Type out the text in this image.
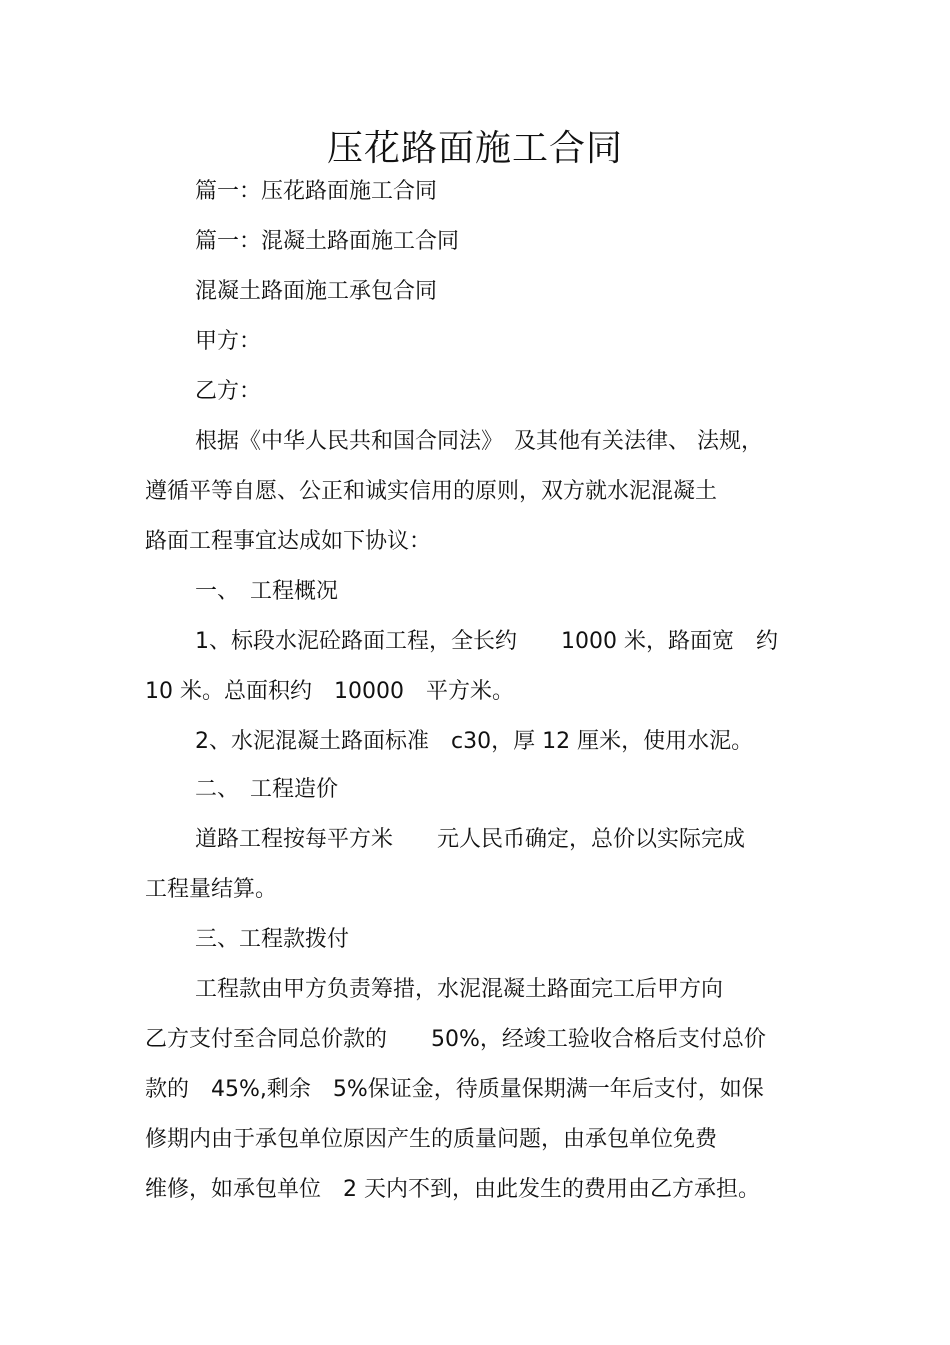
压花路面施工合同
篇一：压花路面施工合同
篇一：混凝土路面施工合同
混凝土路面施工承包合同
甲方：
乙方：
根据《中华人民共和国合同法》　及其他有关法律、 法规，
遵循平等自愿、公正和诚实信用的原则，双方就水泥混凝土
路面工程事宜达成如下协议：
一、　工程概况
1、标段水泥砼路面工程，全长约　　1000 米，路面宽　约
10 米。总面积约　10000　平方米。
2、水泥混凝土路面标准　c30，厚 12 厘米，使用水泥。
二、　工程造价
道路工程按每平方米　　元人民币确定，总价以实际完成
工程量结算。
三、工程款拨付
工程款由甲方负责筹措，水泥混凝土路面完工后甲方向
乙方支付至合同总价款的　　50%，经竣工验收合格后支付总价
款的　45%,剩余　5%保证金，待质量保期满一年后支付，如保
修期内由于承包单位原因产生的质量问题，由承包单位免费
维修，如承包单位　2 天内不到，由此发生的费用由乙方承担。
